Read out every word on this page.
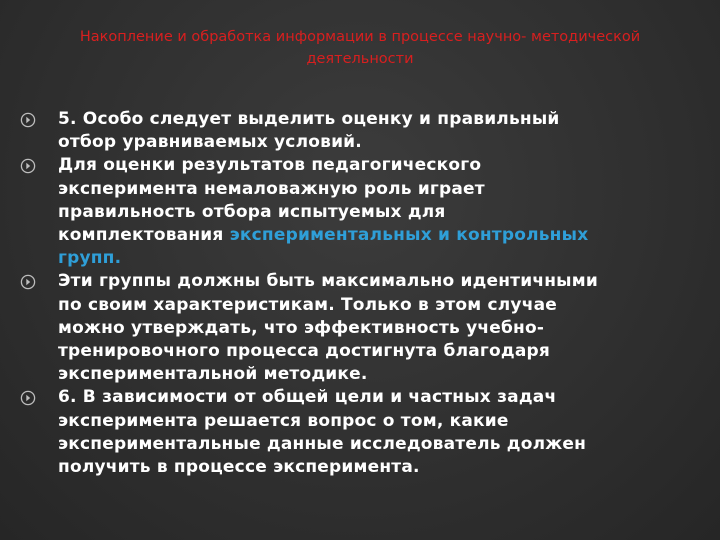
Накопление и обработка информации в процессе научно- методической
деятельности
5. Особо следует выделить оценку и правильный
отбор уравниваемых условий.
Для оценки результатов педагогического
эксперимента немаловажную роль играет
правильность отбора испытуемых для
комплектования экспериментальных и контрольных
групп.
Эти группы должны быть максимально идентичными
по своим характеристикам. Только в этом случае
можно утверждать, что эффективность учебно-
тренировочного процесса достигнута благодаря
экспериментальной методике.
6. В зависимости от общей цели и частных задач
эксперимента решается вопрос о том, какие
экспериментальные данные исследователь должен
получить в процессе эксперимента.
